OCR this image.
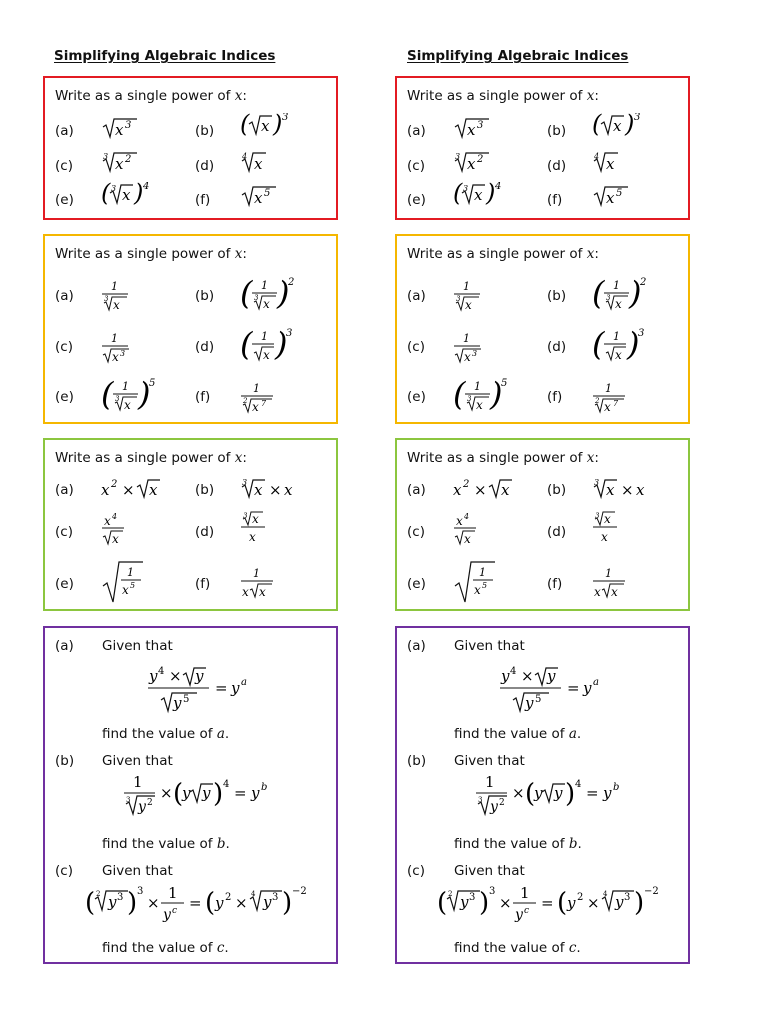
Simplifying Algebraic Indices
Write as a single power of x:
(a)	(b)
(c)	(d)
(e)	(f)
Write as a single power of x:
(a)	(b)
(c)	(d)
(e)	(f)
Write as a single power of x:
(a)	(b)
(c)	(d)
(e)	(f)
(a) Given that
find the value of a.
(b) Given that
find the value of b.
(c) Given that
find the value of c.
Simplifying Algebraic Indices
Write as a single power of x:
(a)	(b)
(c)	(d)
(e)	(f)
Write as a single power of x:
(a)	(b)
(c)	(d)
(e)	(f)
Write as a single power of x:
(a)	(b)
(c)	(d)
(e)	(f)
(a) Given that
find the value of a.
(b) Given that
find the value of b.
(c) Given that
find the value of c.
